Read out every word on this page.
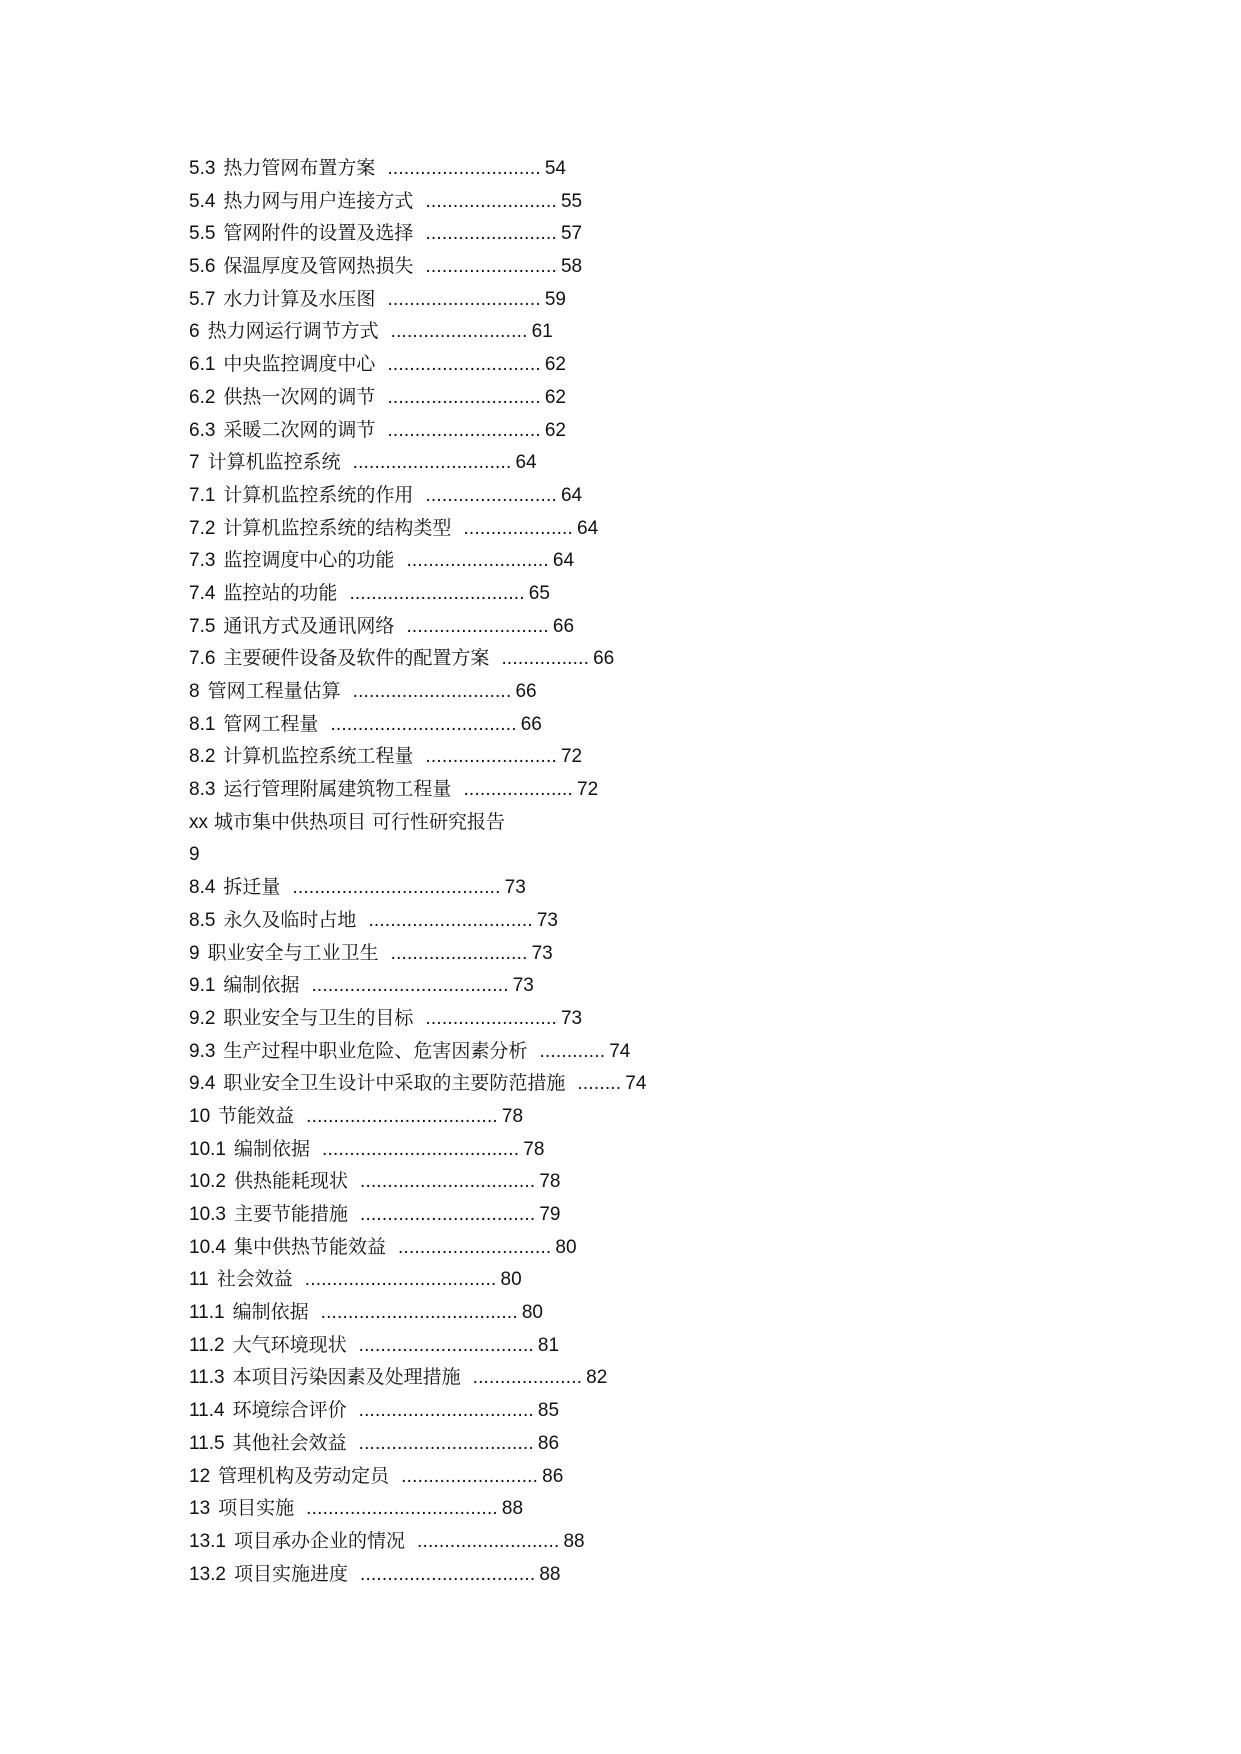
5.3 热力管网布置方案 ............................ 54
5.4 热力网与用户连接方式 ........................ 55
5.5 管网附件的设置及选择 ........................ 57
5.6 保温厚度及管网热损失 ........................ 58
5.7 水力计算及水压图 ............................ 59
6 热力网运行调节方式 ......................... 61
6.1 中央监控调度中心 ............................ 62
6.2 供热一次网的调节 ............................ 62
6.3 采暖二次网的调节 ............................ 62
7 计算机监控系统 ............................. 64
7.1 计算机监控系统的作用 ........................ 64
7.2 计算机监控系统的结构类型 .................... 64
7.3 监控调度中心的功能 .......................... 64
7.4 监控站的功能 ................................ 65
7.5 通讯方式及通讯网络 .......................... 66
7.6 主要硬件设备及软件的配置方案 ................ 66
8 管网工程量估算 ............................. 66
8.1 管网工程量 .................................. 66
8.2 计算机监控系统工程量 ........................ 72
8.3 运行管理附属建筑物工程量 .................... 72
xx 城市集中供热项目 可行性研究报告
9
8.4 拆迁量 ...................................... 73
8.5 永久及临时占地 .............................. 73
9 职业安全与工业卫生 ......................... 73
9.1 编制依据 .................................... 73
9.2 职业安全与卫生的目标 ........................ 73
9.3 生产过程中职业危险、危害因素分析 ............ 74
9.4 职业安全卫生设计中采取的主要防范措施 ........ 74
10 节能效益 ................................... 78
10.1 编制依据 .................................... 78
10.2 供热能耗现状 ................................ 78
10.3 主要节能措施 ................................ 79
10.4 集中供热节能效益 ............................ 80
11 社会效益 ................................... 80
11.1 编制依据 .................................... 80
11.2 大气环境现状 ................................ 81
11.3 本项目污染因素及处理措施 .................... 82
11.4 环境综合评价 ................................ 85
11.5 其他社会效益 ................................ 86
12 管理机构及劳动定员 ......................... 86
13 项目实施 ................................... 88
13.1 项目承办企业的情况 .......................... 88
13.2 项目实施进度 ................................ 88
